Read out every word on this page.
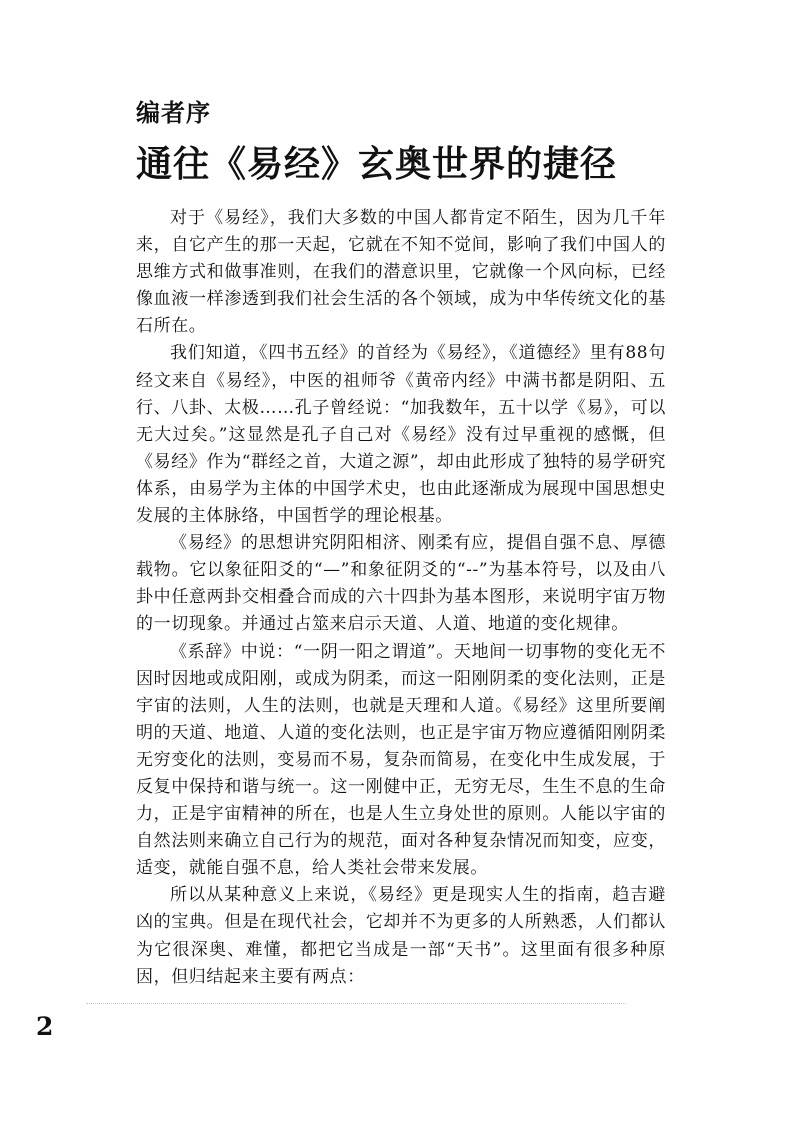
编者序
通往《易经》玄奥世界的捷径

对于《易经》，我们大多数的中国人都肯定不陌生，因为几千年来，自它产生的那一天起，它就在不知不觉间，影响了我们中国人的思维方式和做事准则，在我们的潜意识里，它就像一个风向标，已经像血液一样渗透到我们社会生活的各个领域，成为中华传统文化的基石所在。

我们知道，《四书五经》的首经为《易经》，《道德经》里有88句经文来自《易经》，中医的祖师爷《黄帝内经》中满书都是阴阳、五行、八卦、太极……孔子曾经说：“加我数年，五十以学《易》，可以无大过矣。”这显然是孔子自己对《易经》没有过早重视的感慨，但《易经》作为“群经之首，大道之源”，却由此形成了独特的易学研究体系，由易学为主体的中国学术史，也由此逐渐成为展现中国思想史发展的主体脉络，中国哲学的理论根基。

《易经》的思想讲究阴阳相济、刚柔有应，提倡自强不息、厚德载物。它以象征阳爻的“—”和象征阴爻的“--”为基本符号，以及由八卦中任意两卦交相叠合而成的六十四卦为基本图形，来说明宇宙万物的一切现象。并通过占筮来启示天道、人道、地道的变化规律。

《系辞》中说：“一阴一阳之谓道”。天地间一切事物的变化无不因时因地或成阳刚，或成为阴柔，而这一阳刚阴柔的变化法则，正是宇宙的法则，人生的法则，也就是天理和人道。《易经》这里所要阐明的天道、地道、人道的变化法则，也正是宇宙万物应遵循阳刚阴柔无穷变化的法则，变易而不易，复杂而简易，在变化中生成发展，于反复中保持和谐与统一。这一刚健中正，无穷无尽，生生不息的生命力，正是宇宙精神的所在，也是人生立身处世的原则。人能以宇宙的自然法则来确立自己行为的规范，面对各种复杂情况而知变，应变，适变，就能自强不息，给人类社会带来发展。

所以从某种意义上来说，《易经》更是现实人生的指南，趋吉避凶的宝典。但是在现代社会，它却并不为更多的人所熟悉，人们都认为它很深奥、难懂，都把它当成是一部“天书”。这里面有很多种原因，但归结起来主要有两点：

2
